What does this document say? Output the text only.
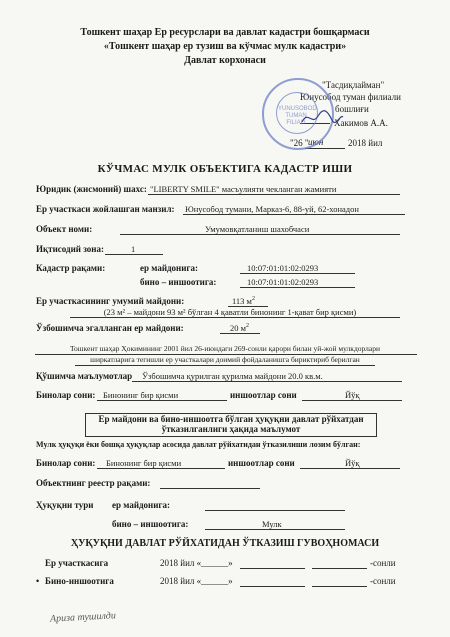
Тошкент шаҳар Ер ресурслари ва давлат кадастри бошқармаси
«Тошкент шаҳар ер тузиш ва кўчмас мулк кадастри»
Давлат корхонаси
"Тасдиқлайман"
Юнусобод туман филиали
бошлиғи
Хакимов А.А.
"26 " июн	2018 йил
YUNUSOBOD TUMAN FILIALI
КЎЧМАС МУЛК ОБЪЕКТИГА КАДАСТР ИШИ
Юридик (жисмоний) шахс: "LIBERTY SMILE" масъулияти чекланган жамияти
Ер участкаси жойлашган манзил: Юнусобод тумани, Марказ-6, 88-уй, 62-хонадон
Объект номи:	Умумовқатланиш шахобчаси
Иқтисодий зона:	1
Кадастр рақами:	ер майдонига:	10:07:01:01:02:0293
бино – иншоотига:	10:07:01:01:02:0293
Ер участкасининг умумий майдони:	113 $м^2$
(23 м² – майдони 93 м² бўлган 4 қаватли бинонинг 1-қават бир қисми)
Ўзбошимча эгалланган ер майдони:	20 $м^2$
Тошкент шаҳар Ҳокимининг 2001 йил 26-июндаги 269-сонли қарори билан уй-жой мулкдорлари
ширкатларига тегишли ер участкалари доимий фойдаланишга бириктириб берилган
Қўшимча маълумотлар Ўзбошимча қурилган қурилма майдони 20.0 кв.м.
Бинолар сони: Бинонинг бир қисми	иншоотлар сони	Йўқ
Ер майдони ва бино-иншоотга бўлган ҳуқуқни давлат рўйхатдан
ўтказилганлиги ҳақида маълумот
Мулк ҳуқуқи ёки бошқа ҳуқуқлар асосида давлат рўйхатидан ўтказилиши лозим бўлган:
Бинолар сони: Бинонинг бир қисми	иншоотлар сони	Йўқ
Объектнинг реестр рақами:
Ҳуқуқни тури ер майдонига:
бино – иншоотига:	Мулк
ҲУҚУҚНИ ДАВЛАТ РЎЙХАТИДАН ЎТКАЗИШ ГУВОҲНОМАСИ
Ер участкасига	2018 йил «______»	-сонли
• Бино-иншоотига	2018 йил «______»	-сонли
Ариза тушилди
